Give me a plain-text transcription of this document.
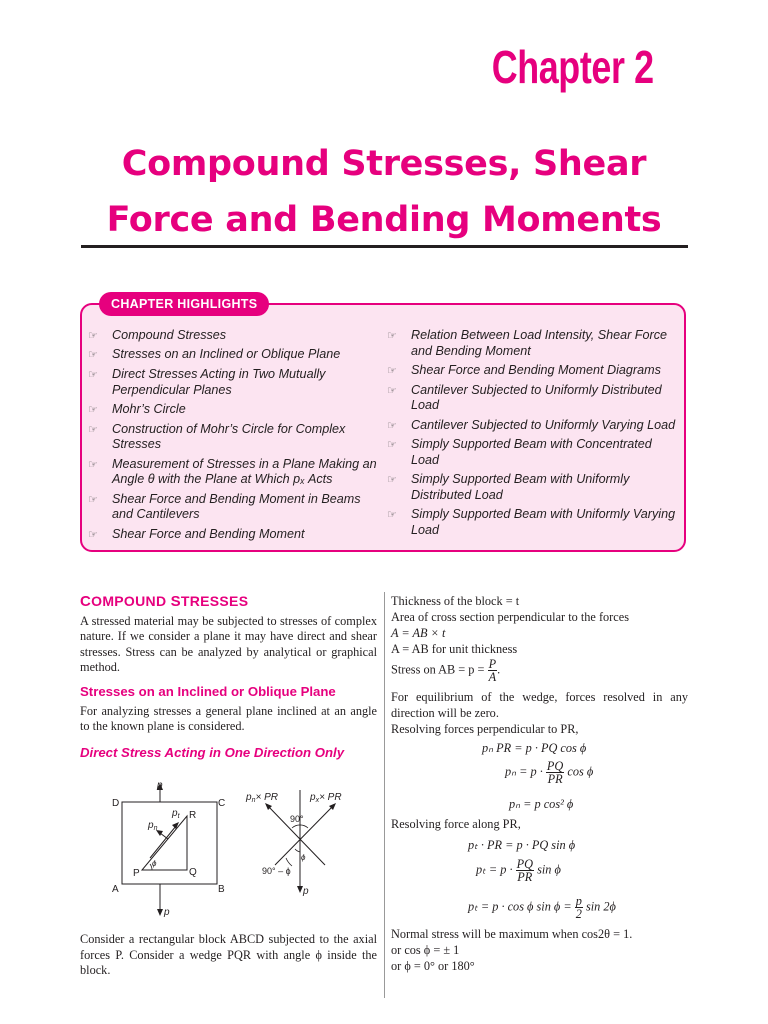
Chapter 2
Compound Stresses, Shear
Force and Bending Moments
CHAPTER HIGHLIGHTS
☞ Compound Stresses
☞ Stresses on an Inclined or Oblique Plane
☞ Direct Stresses Acting in Two Mutually Perpendicular Planes
☞ Mohr’s Circle
☞ Construction of Mohr’s Circle for Complex Stresses
☞ Measurement of Stresses in a Plane Making an Angle θ with the Plane at Which pₓ Acts
☞ Shear Force and Bending Moment in Beams and Cantilevers
☞ Shear Force and Bending Moment
☞ Relation Between Load Intensity, Shear Force and Bending Moment
☞ Shear Force and Bending Moment Diagrams
☞ Cantilever Subjected to Uniformly Distributed Load
☞ Cantilever Subjected to Uniformly Varying Load
☞ Simply Supported Beam with Concentrated Load
☞ Simply Supported Beam with Uniformly Distributed Load
☞ Simply Supported Beam with Uniformly Varying Load
COMPOUND STRESSES
A stressed material may be subjected to stresses of complex nature. If we consider a plane it may have direct and shear stresses. Stress can be analyzed by analytical or graphical method.
Stresses on an Inclined or Oblique Plane
For analyzing stresses a general plane inclined at an angle to the known plane is considered.
Direct Stress Acting in One Direction Only
p
p
D	C
A	B
P	Q
R
$p_t$
$p_n$
ϕ
$p_n\times$ PR	$p_x\times$ PR
90°
90° – ϕ
ϕ
p
Consider a rectangular block ABCD subjected to the axial forces P. Consider a wedge PQR with angle ϕ inside the block.
Thickness of the block = t
Area of cross section perpendicular to the forces
A = AB × t
A = AB for unit thickness
Stress on AB = $p = \frac{P}{A}$ .
For equilibrium of the wedge, forces resolved in any direction will be zero.
Resolving forces perpendicular to PR,
pₙ PR = p · PQ cos ϕ
$p_n = p \cdot \frac{PQ}{PR}$ cos ϕ
pₙ = p cos² ϕ
Resolving force along PR,
pₜ · PR = p · PQ sin ϕ
$p_t = p \cdot \frac{PQ}{PR}$ sin ϕ
pₜ = p · cos ϕ $\sin \phi = \frac{p}{2}$ sin 2ϕ
Normal stress will be maximum when cos2θ = 1.
or cos ϕ = ± 1
or ϕ = 0° or 180°
